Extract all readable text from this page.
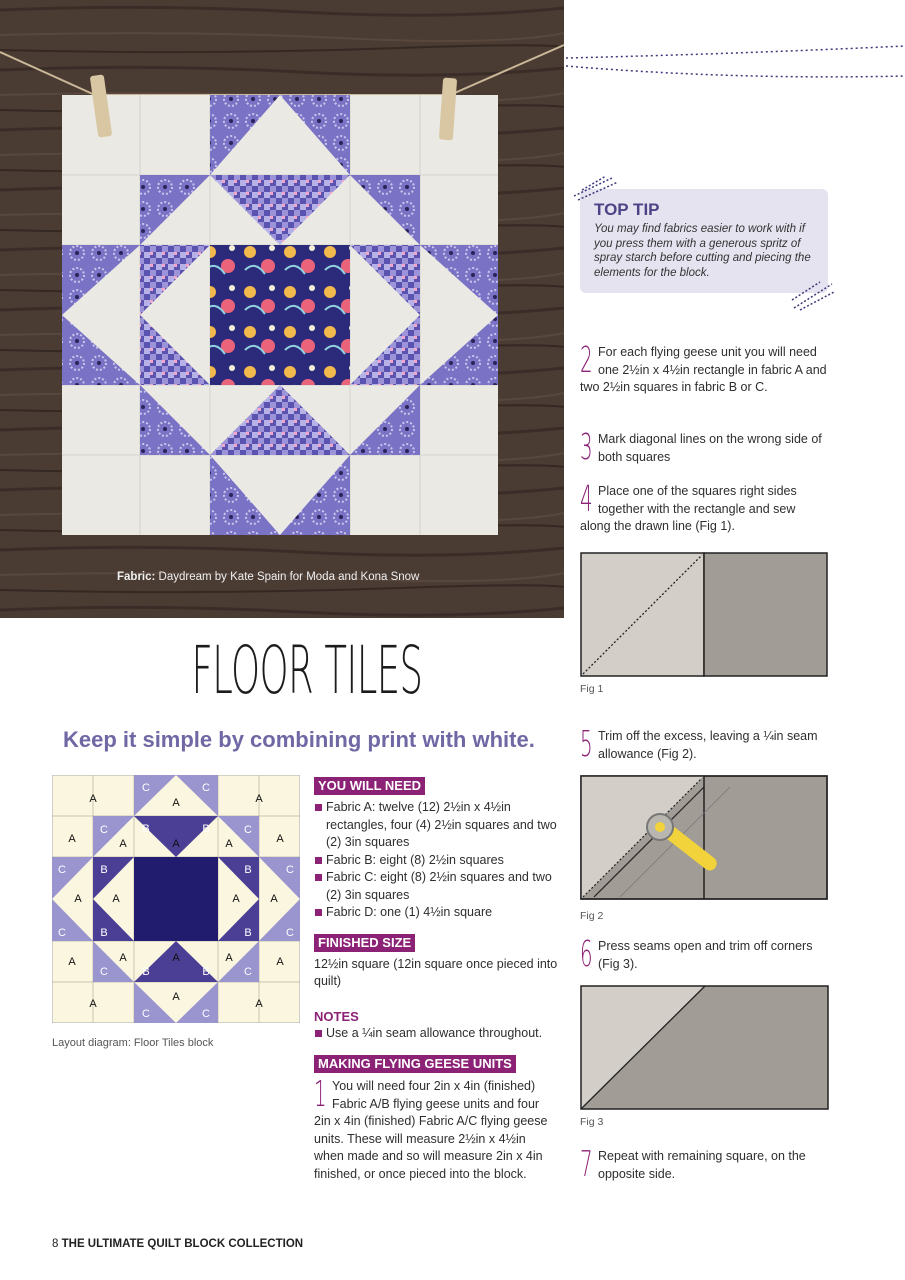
Fabric: Daydream by Kate Spain for Moda and Kona Snow
TOP TIP
You may find fabrics easier to work with if you press them with a generous spritz of spray starch before cutting and piecing the elements for the block.
FLOOR TILES
Keep it simple by combining print with white.
A	A	A
A	A
A	A	A
A	A	A	A
A	A	A
A	A
A
A
A
C	C
C	C
B	B
C	C
B	B
C	C
B	B
C	C
B	B
C	C
Layout diagram: Floor Tiles block
YOU WILL NEED
Fabric A: twelve (12) 2½in x 4½in rectangles, four (4) 2½in squares and two (2) 3in squares
Fabric B: eight (8) 2½in squares
Fabric C: eight (8) 2½in squares and two (2) 3in squares
Fabric D: one (1) 4½in square
FINISHED SIZE
12½in square (12in square once pieced into quilt)
NOTES
Use a ¼in seam allowance throughout.
MAKING FLYING GEESE UNITS
1 You will need four 2in x 4in (finished) Fabric A/B flying geese units and four 2in x 4in (finished) Fabric A/C flying geese units. These will measure 2½in x 4½in when made and so will measure 2in x 4in finished, or once pieced into the block.
2 For each flying geese unit you will need one 2½in x 4½in rectangle in fabric A and two 2½in squares in fabric B or C.
3 Mark diagonal lines on the wrong side of both squares
4 Place one of the squares right sides together with the rectangle and sew along the drawn line (Fig 1).
Fig 1
5 Trim off the excess, leaving a ¼in seam allowance (Fig 2).
Fig 2
6 Press seams open and trim off corners (Fig 3).
Fig 3
7 Repeat with remaining square, on the opposite side.
8 THE ULTIMATE QUILT BLOCK COLLECTION
